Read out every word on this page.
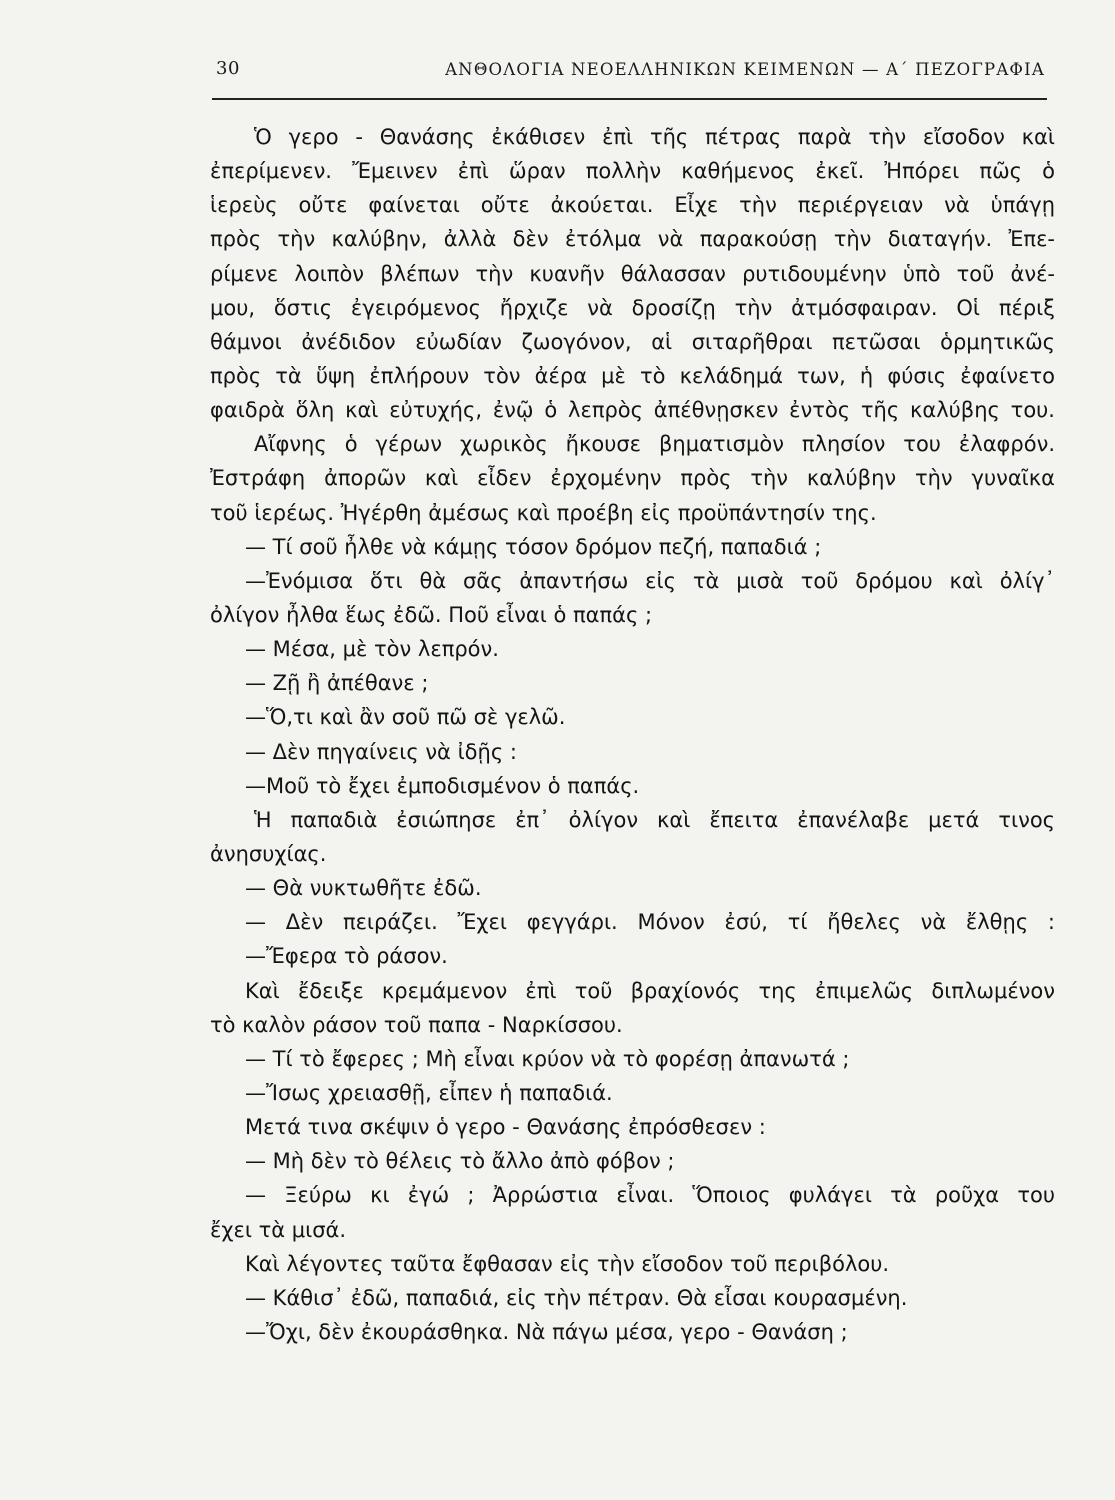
30	ΑΝΘΟΛΟΓΙΑ ΝΕΟΕΛΛΗΝΙΚΩΝ ΚΕΙΜΕΝΩΝ — Α΄ ΠΕΖΟΓΡΑΦΙΑ
Ὁ γερο - Θανάσης ἐκάθισεν ἐπὶ τῆς πέτρας παρὰ τὴν εἴσοδον καὶ
ἐπερίμενεν. Ἔμεινεν ἐπὶ ὥραν πολλὴν καθήμενος ἐκεῖ. Ἠπόρει πῶς ὁ
ἱερεὺς οὔτε φαίνεται οὔτε ἀκούεται. Εἶχε τὴν περιέργειαν νὰ ὑπάγῃ
πρὸς τὴν καλύβην, ἀλλὰ δὲν ἐτόλμα νὰ παρακούσῃ τὴν διαταγήν. Ἐπε-
ρίμενε λοιπὸν βλέπων τὴν κυανῆν θάλασσαν ρυτιδουμένην ὑπὸ τοῦ ἀνέ-
μου, ὅστις ἐγειρόμενος ἤρχιζε νὰ δροσίζῃ τὴν ἀτμόσφαιραν. Οἱ πέριξ
θάμνοι ἀνέδιδον εὐωδίαν ζωογόνον, αἱ σιταρῆθραι πετῶσαι ὁρμητικῶς
πρὸς τὰ ὕψη ἐπλήρουν τὸν ἀέρα μὲ τὸ κελάδημά των, ἡ φύσις ἐφαίνετο
φαιδρὰ ὅλη καὶ εὐτυχής, ἐνῷ ὁ λεπρὸς ἀπέθνῃσκεν ἐντὸς τῆς καλύβης του.
Αἴφνης ὁ γέρων χωρικὸς ἤκουσε βηματισμὸν πλησίον του ἐλαφρόν.
Ἐστράφη ἀπορῶν καὶ εἶδεν ἐρχομένην πρὸς τὴν καλύβην τὴν γυναῖκα
τοῦ ἱερέως. Ἠγέρθη ἀμέσως καὶ προέβη εἰς προϋπάντησίν της.
— Τί σοῦ ἦλθε νὰ κάμῃς τόσον δρόμον πεζή, παπαδιά ;
—Ἐνόμισα ὅτι θὰ σᾶς ἀπαντήσω εἰς τὰ μισὰ τοῦ δρόμου καὶ ὀλίγ᾽
ὀλίγον ἦλθα ἕως ἐδῶ. Ποῦ εἶναι ὁ παπάς ;
— Μέσα, μὲ τὸν λεπρόν.
— Ζῇ ἢ ἀπέθανε ;
—Ὅ,τι καὶ ἂν σοῦ πῶ σὲ γελῶ.
— Δὲν πηγαίνεις νὰ ἰδῇς :
—Μοῦ τὸ ἔχει ἐμποδισμένον ὁ παπάς.
Ἡ παπαδιὰ ἐσιώπησε ἐπ᾽ ὀλίγον καὶ ἔπειτα ἐπανέλαβε μετά τινος
ἀνησυχίας.
— Θὰ νυκτωθῆτε ἐδῶ.
— Δὲν πειράζει. Ἔχει φεγγάρι. Μόνον ἐσύ, τί ἤθελες νὰ ἔλθῃς :
—Ἔφερα τὸ ράσον.
Καὶ ἔδειξε κρεμάμενον ἐπὶ τοῦ βραχίονός της ἐπιμελῶς διπλωμένον
τὸ καλὸν ράσον τοῦ παπα - Ναρκίσσου.
— Τί τὸ ἔφερες ; Μὴ εἶναι κρύον νὰ τὸ φορέσῃ ἀπανωτά ;
—Ἴσως χρειασθῇ, εἶπεν ἡ παπαδιά.
Μετά τινα σκέψιν ὁ γερο - Θανάσης ἐπρόσθεσεν :
— Μὴ δὲν τὸ θέλεις τὸ ἄλλο ἀπὸ φόβον ;
— Ξεύρω κι ἐγώ ; Ἀρρώστια εἶναι. Ὅποιος φυλάγει τὰ ροῦχα του
ἔχει τὰ μισά.
Καὶ λέγοντες ταῦτα ἔφθασαν εἰς τὴν εἴσοδον τοῦ περιβόλου.
— Κάθισ᾽ ἐδῶ, παπαδιά, εἰς τὴν πέτραν. Θὰ εἶσαι κουρασμένη.
—Ὄχι, δὲν ἐκουράσθηκα. Νὰ πάγω μέσα, γερο - Θανάση ;
